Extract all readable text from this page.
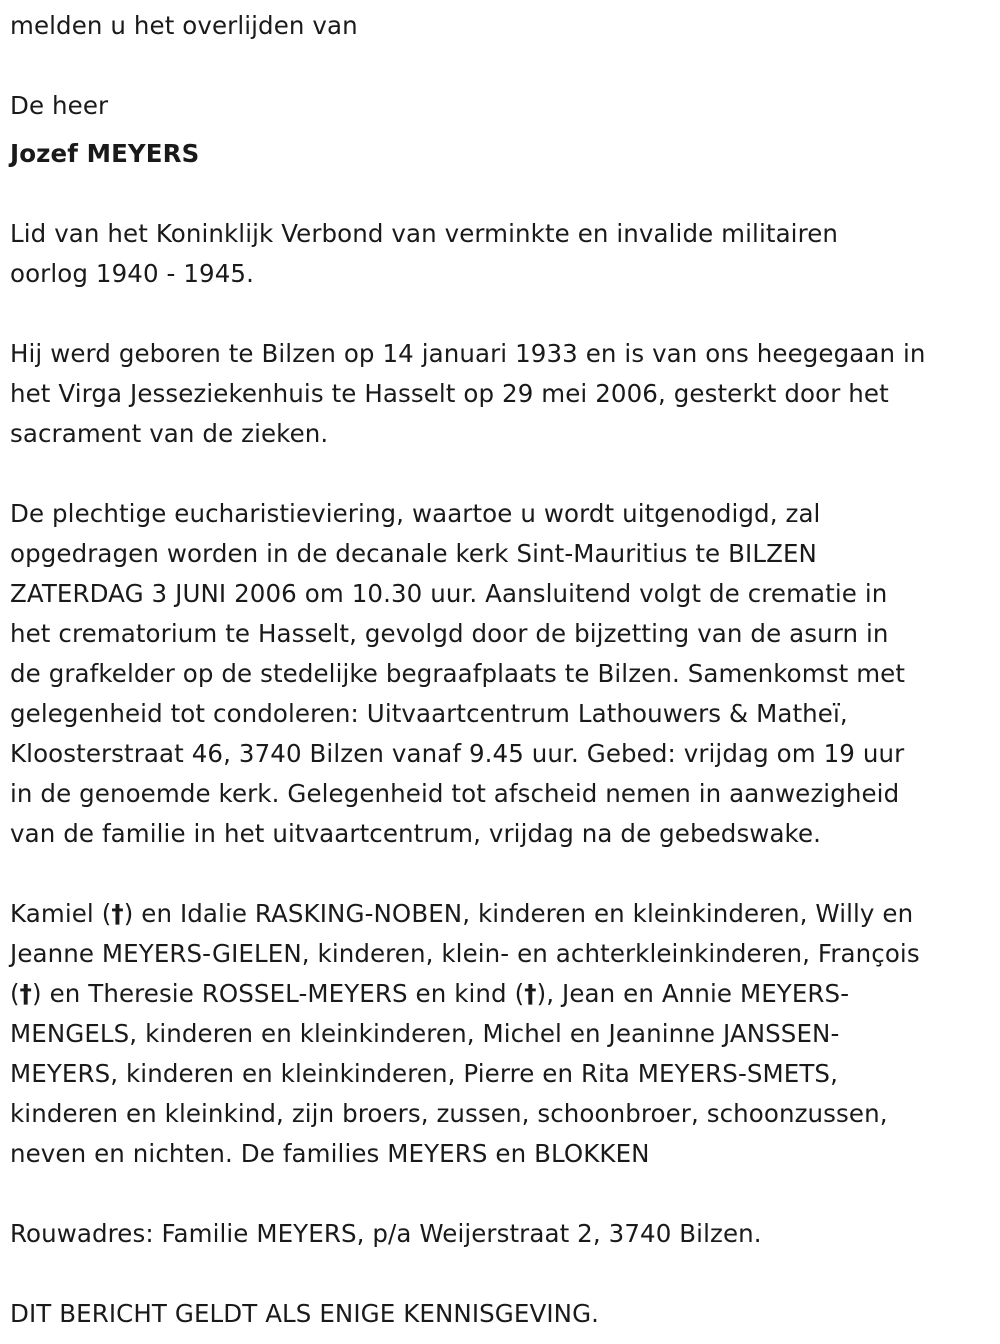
melden u het overlijden van
De heer
Jozef MEYERS
Lid van het Koninklijk Verbond van verminkte en invalide militairen
oorlog 1940 - 1945.
Hij werd geboren te Bilzen op 14 januari 1933 en is van ons heegegaan in
het Virga Jesseziekenhuis te Hasselt op 29 mei 2006, gesterkt door het
sacrament van de zieken.
De plechtige eucharistieviering, waartoe u wordt uitgenodigd, zal
opgedragen worden in de decanale kerk Sint-Mauritius te BILZEN
ZATERDAG 3 JUNI 2006 om 10.30 uur. Aansluitend volgt de crematie in
het crematorium te Hasselt, gevolgd door de bijzetting van de asurn in
de grafkelder op de stedelijke begraafplaats te Bilzen. Samenkomst met
gelegenheid tot condoleren: Uitvaartcentrum Lathouwers & Matheï,
Kloosterstraat 46, 3740 Bilzen vanaf 9.45 uur. Gebed: vrijdag om 19 uur
in de genoemde kerk. Gelegenheid tot afscheid nemen in aanwezigheid
van de familie in het uitvaartcentrum, vrijdag na de gebedswake.
Kamiel (†) en Idalie RASKING-NOBEN, kinderen en kleinkinderen, Willy en
Jeanne MEYERS-GIELEN, kinderen, klein- en achterkleinkinderen, François
(†) en Theresie ROSSEL-MEYERS en kind (†), Jean en Annie MEYERS-
MENGELS, kinderen en kleinkinderen, Michel en Jeaninne JANSSEN-
MEYERS, kinderen en kleinkinderen, Pierre en Rita MEYERS-SMETS,
kinderen en kleinkind, zijn broers, zussen, schoonbroer, schoonzussen,
neven en nichten. De families MEYERS en BLOKKEN
Rouwadres: Familie MEYERS, p/a Weijerstraat 2, 3740 Bilzen.
DIT BERICHT GELDT ALS ENIGE KENNISGEVING.
